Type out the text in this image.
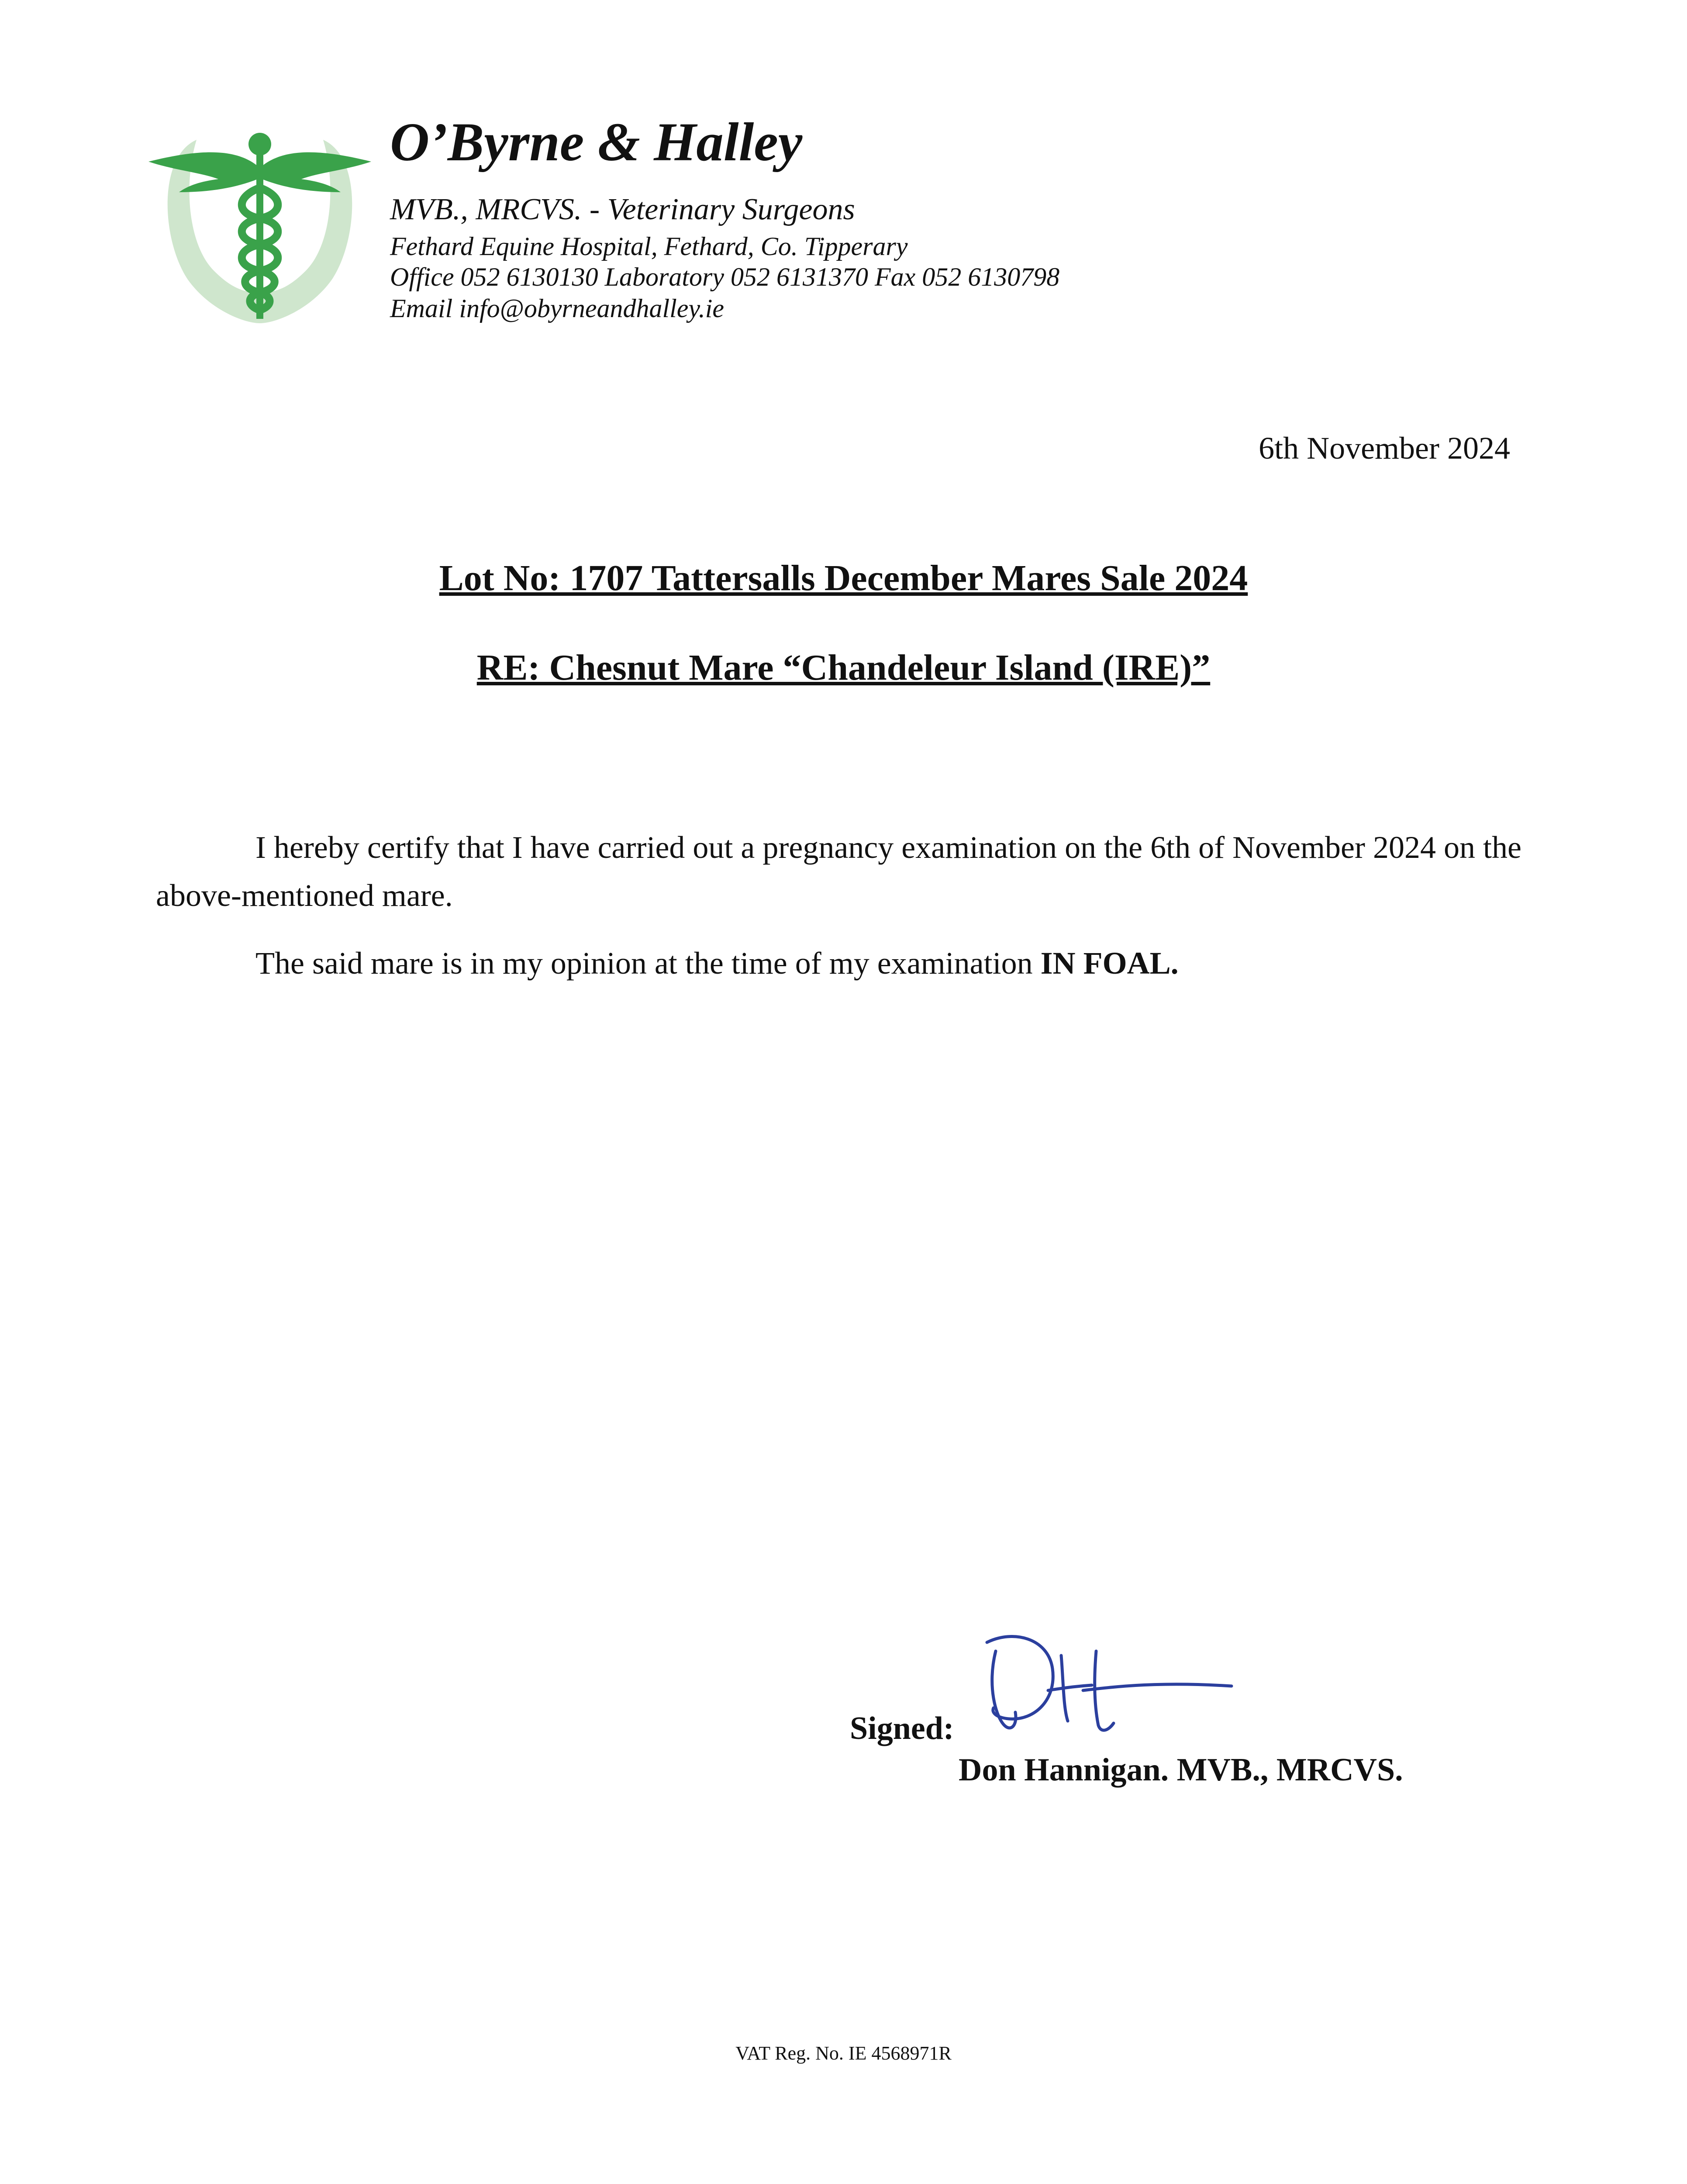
O’Byrne & Halley
MVB., MRCVS. - Veterinary Surgeons
Fethard Equine Hospital, Fethard, Co. Tipperary
Office 052 6130130 Laboratory 052 6131370 Fax 052 6130798
Email info@obyrneandhalley.ie
6th November 2024
Lot No: 1707 Tattersalls December Mares Sale 2024
RE: Chesnut Mare “Chandeleur Island (IRE)”
I hereby certify that I have carried out a pregnancy examination on the 6th of November 2024 on the above-mentioned mare.
The said mare is in my opinion at the time of my examination IN FOAL.
Signed:
Don Hannigan. MVB., MRCVS.
VAT Reg. No. IE 4568971R
